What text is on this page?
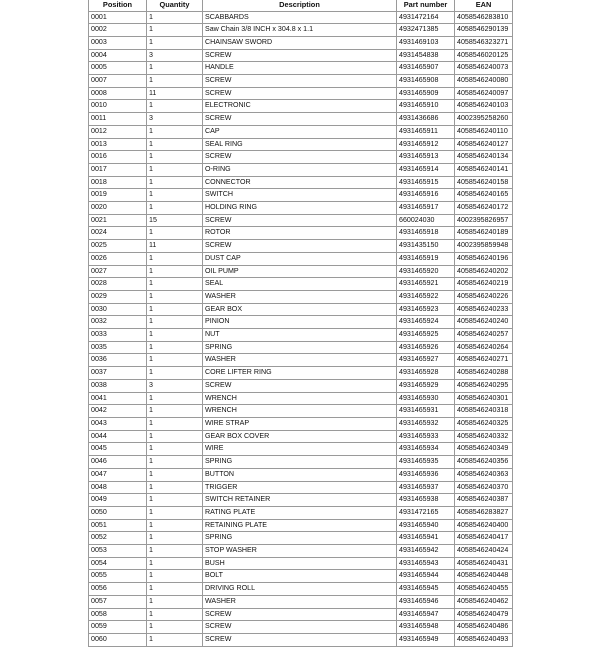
Position	Quantity	Description	Part number	EAN
0001	1	SCABBARDS	4931472164	4058546283810
0002	1	Saw Chain 3/8 INCH x 304.8 x 1.1	4932471385	4058546290139
0003	1	CHAINSAW SWORD	4931469103	4058546323271
0004	3	SCREW	4931454838	4058546020125
0005	1	HANDLE	4931465907	4058546240073
0007	1	SCREW	4931465908	4058546240080
0008	11	SCREW	4931465909	4058546240097
0010	1	ELECTRONIC	4931465910	4058546240103
0011	3	SCREW	4931436686	4002395258260
0012	1	CAP	4931465911	4058546240110
0013	1	SEAL RING	4931465912	4058546240127
0016	1	SCREW	4931465913	4058546240134
0017	1	O-RING	4931465914	4058546240141
0018	1	CONNECTOR	4931465915	4058546240158
0019	1	SWITCH	4931465916	4058546240165
0020	1	HOLDING RING	4931465917	4058546240172
0021	15	SCREW	660024030	4002395826957
0024	1	ROTOR	4931465918	4058546240189
0025	11	SCREW	4931435150	4002395859948
0026	1	DUST CAP	4931465919	4058546240196
0027	1	OIL PUMP	4931465920	4058546240202
0028	1	SEAL	4931465921	4058546240219
0029	1	WASHER	4931465922	4058546240226
0030	1	GEAR BOX	4931465923	4058546240233
0032	1	PINION	4931465924	4058546240240
0033	1	NUT	4931465925	4058546240257
0035	1	SPRING	4931465926	4058546240264
0036	1	WASHER	4931465927	4058546240271
0037	1	CORE LIFTER RING	4931465928	4058546240288
0038	3	SCREW	4931465929	4058546240295
0041	1	WRENCH	4931465930	4058546240301
0042	1	WRENCH	4931465931	4058546240318
0043	1	WIRE STRAP	4931465932	4058546240325
0044	1	GEAR BOX COVER	4931465933	4058546240332
0045	1	WIRE	4931465934	4058546240349
0046	1	SPRING	4931465935	4058546240356
0047	1	BUTTON	4931465936	4058546240363
0048	1	TRIGGER	4931465937	4058546240370
0049	1	SWITCH RETAINER	4931465938	4058546240387
0050	1	RATING PLATE	4931472165	4058546283827
0051	1	RETAINING PLATE	4931465940	4058546240400
0052	1	SPRING	4931465941	4058546240417
0053	1	STOP WASHER	4931465942	4058546240424
0054	1	BUSH	4931465943	4058546240431
0055	1	BOLT	4931465944	4058546240448
0056	1	DRIVING ROLL	4931465945	4058546240455
0057	1	WASHER	4931465946	4058546240462
0058	1	SCREW	4931465947	4058546240479
0059	1	SCREW	4931465948	4058546240486
0060	1	SCREW	4931465949	4058546240493
